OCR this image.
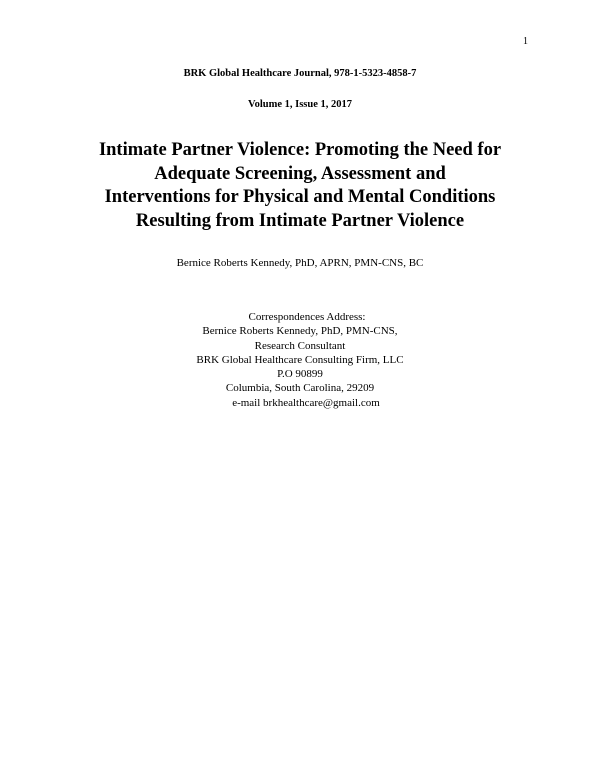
1
BRK Global Healthcare Journal, 978-1-5323-4858-7
Volume 1, Issue 1, 2017
Intimate Partner Violence: Promoting the Need for
Adequate Screening, Assessment and
Interventions for Physical and Mental Conditions
Resulting from Intimate Partner Violence
Bernice Roberts Kennedy, PhD, APRN, PMN-CNS, BC
Correspondences Address:
Bernice Roberts Kennedy, PhD, PMN-CNS,
Research Consultant
BRK Global Healthcare Consulting Firm, LLC
P.O 90899
Columbia, South Carolina, 29209
e-mail brkhealthcare@gmail.com
